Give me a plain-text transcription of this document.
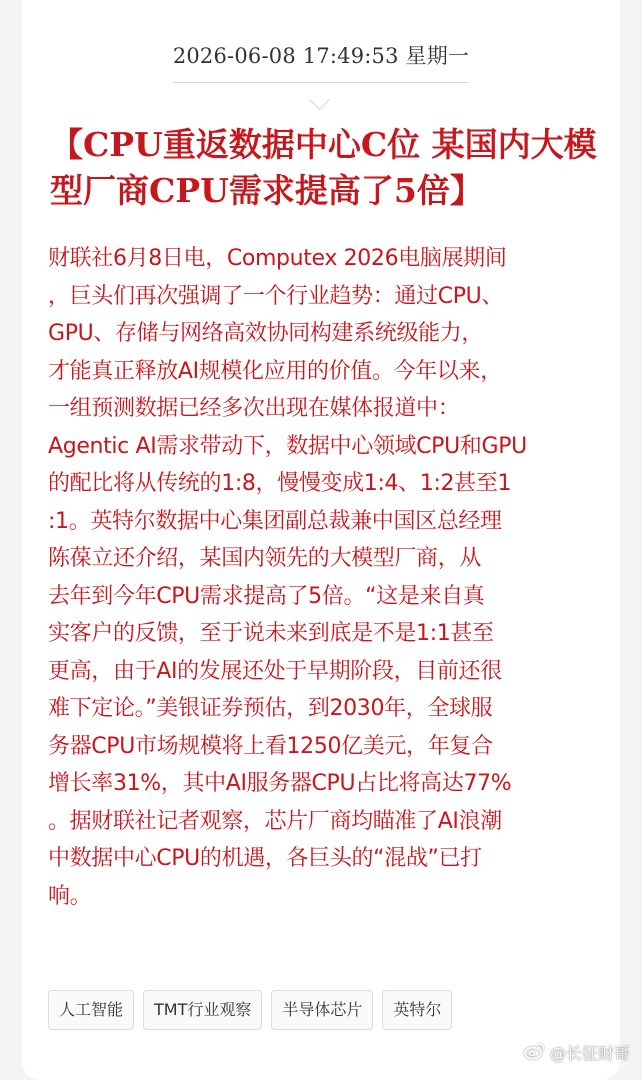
2026-06-08 17:49:53 星期一
【CPU重返数据中心C位 某国内大模型厂商CPU需求提高了5倍】

财联社6月8日电，Computex 2026电脑展期间
，巨头们再次强调了一个行业趋势：通过CPU、
GPU、存储与网络高效协同构建系统级能力，
才能真正释放AI规模化应用的价值。今年以来，
一组预测数据已经多次出现在媒体报道中：
Agentic AI需求带动下，数据中心领域CPU和GPU
的配比将从传统的1:8，慢慢变成1:4、1:2甚至1
:1。英特尔数据中心集团副总裁兼中国区总经理
陈葆立还介绍，某国内领先的大模型厂商，从
去年到今年CPU需求提高了5倍。“这是来自真
实客户的反馈，至于说未来到底是不是1:1甚至
更高，由于AI的发展还处于早期阶段，目前还很
难下定论。”美银证券预估，到2030年，全球服
务器CPU市场规模将上看1250亿美元，年复合
增长率31%，其中AI服务器CPU占比将高达77%
。据财联社记者观察，芯片厂商均瞄准了AI浪潮
中数据中心CPU的机遇，各巨头的“混战”已打
响。

人工智能	TMT行业观察	半导体芯片	英特尔
@长征财哥
